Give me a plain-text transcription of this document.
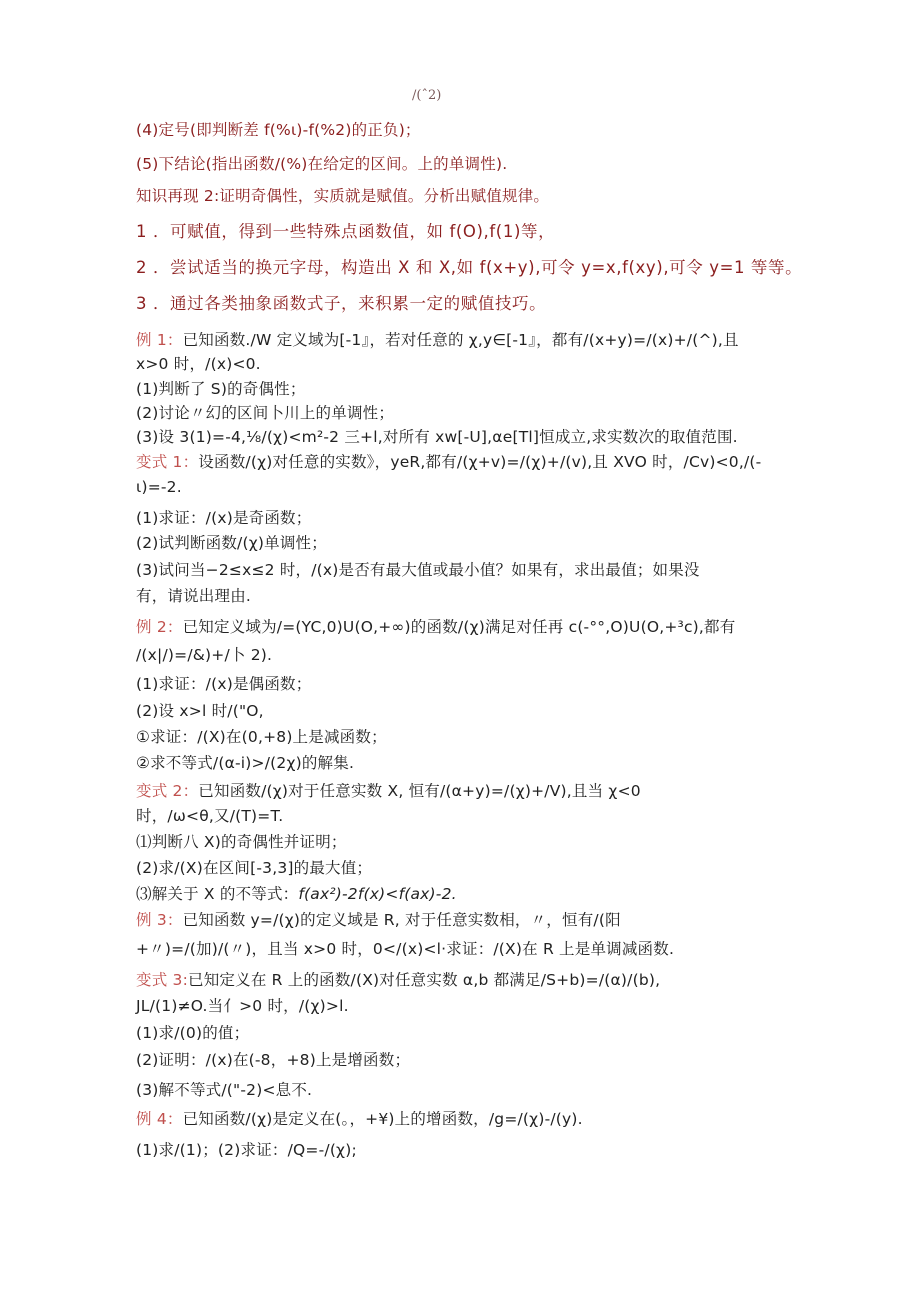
/(ˆ2)
(4)定号(即判断差 f(%ι)-f(%2)的正负)；
(5)下结论(指出函数/(%)在给定的区间。上的单调性).
知识再现 2:证明奇偶性，实质就是赋值。分析出赋值规律。
1 ．可赋值，得到一些特殊点函数值，如 f(O),f(1)等，
2 ．尝试适当的换元字母，构造出 X 和 X,如 f(x+y),可令 y=x,f(xy),可令 y=1 等等。
3 ．通过各类抽象函数式子，来积累一定的赋值技巧。
例 1：已知函数./W 定义域为[-1』，若对任意的 χ,y∈[-1』，都有/(x+y)=/(x)+/(^),且
x>0 时，/(x)<0.
(1)判断了 S)的奇偶性；
(2)讨论〃幻的区间卜川上的单调性；
(3)设 3(1)=-4,⅛/(χ)<m²-2 三+l,对所有 xw[-U],αe[Tl]恒成立,求实数次的取值范围.
变式 1：设函数/(χ)对任意的实数》，yeR,都有/(χ+v)=/(χ)+/(v),且 XVO 时，/Cv)<0,/(-
ι)=-2.
(1)求证：/(x)是奇函数；
(2)试判断函数/(χ)单调性；
(3)试问当−2≤x≤2 时，/(x)是否有最大值或最小值？如果有，求出最值；如果没
有，请说出理由.
例 2：已知定义域为/=(YC,0)U(O,+∞)的函数/(χ)满足对任再 c(-°°,O)U(O,+³c),都有
/(x|/)=/&)+/卜 2).
(1)求证：/(x)是偶函数；
(2)设 x>l 时/("O,
①求证：/(X)在(0,+8)上是减函数；
②求不等式/(α-i)>/(2χ)的解集.
变式 2：已知函数/(χ)对于任意实数 X, 恒有/(α+y)=/(χ)+/V),且当 χ<0
时，/ω<θ,又/(T)=T.
⑴判断八 X)的奇偶性并证明；
(2)求/(X)在区间[-3,3]的最大值；
⑶解关于 X 的不等式：f(ax²)-2f(x)<f(ax)-2.
例 3：已知函数 y=/(χ)的定义域是 R, 对于任意实数相，〃，恒有/(阳
+〃)=/(加)/(〃)，且当 x>0 时，0</(x)<l·求证：/(X)在 R 上是单调减函数.
变式 3:已知定义在 R 上的函数/(X)对任意实数 α,b 都满足/S+b)=/(α)/(b),
JL/(1)≠O.当亻>0 时，/(χ)>l.
(1)求/(0)的值；
(2)证明：/(x)在(-8，+8)上是增函数；
(3)解不等式/("-2)<息不.
例 4：已知函数/(χ)是定义在(。，+¥)上的增函数，/g=/(χ)-/(y).
(1)求/(1)；(2)求证：/Q=-/(χ);
